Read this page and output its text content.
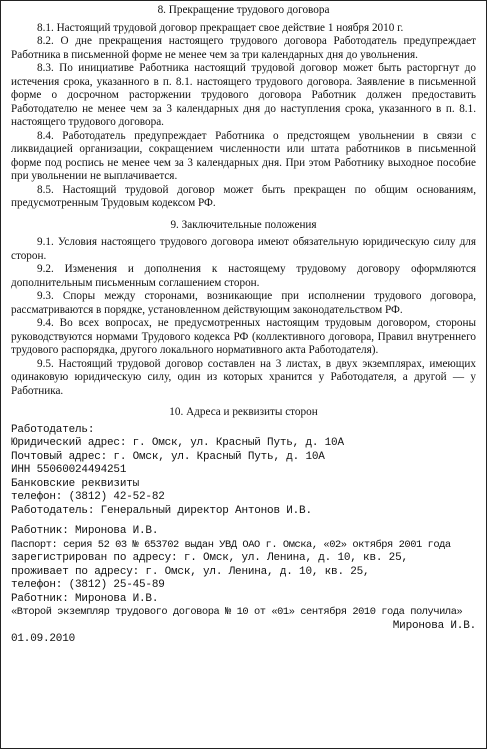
8. Прекращение трудового договора

8.1. Настоящий трудовой договор прекращает свое действие 1 ноября 2010 г.

8.2. О дне прекращения настоящего трудового договора Работодатель предупреждает Работника в письменной форме не менее чем за три календарных дня до увольнения.

8.3. По инициативе Работника настоящий трудовой договор может быть расторгнут до истечения срока, указанного в п. 8.1. настоящего трудового договора. Заявление в письменной форме о досрочном расторжении трудового договора Работник должен предоставить Работодателю не менее чем за 3 календарных дня до наступления срока, указанного в п. 8.1. настоящего трудового договора.

8.4. Работодатель предупреждает Работника о предстоящем увольнении в связи с ликвидацией организации, сокращением численности или штата работников в письменной форме под роспись не менее чем за 3 календарных дня. При этом Работнику выходное пособие при увольнении не выплачивается.

8.5. Настоящий трудовой договор может быть прекращен по общим основаниям, предусмотренным Трудовым кодексом РФ.

9. Заключительные положения

9.1. Условия настоящего трудового договора имеют обязательную юридическую силу для сторон.

9.2. Изменения и дополнения к настоящему трудовому договору оформляются дополнительным письменным соглашением сторон.

9.3. Споры между сторонами, возникающие при исполнении трудового договора, рассматриваются в порядке, установленном действующим законодательством РФ.

9.4. Во всех вопросах, не предусмотренных настоящим трудовым договором, стороны руководствуются нормами Трудового кодекса РФ (коллективного договора, Правил внутреннего трудового распорядка, другого локального нормативного акта Работодателя).

9.5. Настоящий трудовой договор составлен на 3 листах, в двух экземплярах, имеющих одинаковую юридическую силу, один из которых хранится у Работодателя, а другой — у Работника.

10. Адреса и реквизиты сторон

Работодатель:

Юридический адрес: г. Омск, ул. Красный Путь, д. 10А

Почтовый адрес: г. Омск, ул. Красный Путь, д. 10А

ИНН 55060024494251

Банковские реквизиты

телефон: (3812) 42-52-82

Работодатель: Генеральный директор Антонов И.В.

Работник: Миронова И.В.

Паспорт: серия 52 03 № 653702 выдан УВД ОАО г. Омска, «02» октября 2001 года

зарегистрирован по адресу: г. Омск, ул. Ленина, д. 10, кв. 25,

проживает по адресу: г. Омск, ул. Ленина, д. 10, кв. 25,

телефон: (3812) 25-45-89

Работник: Миронова И.В.

«Второй экземпляр трудового договора № 10 от «01» сентября 2010 года получила»

Миронова И.В.

01.09.2010
